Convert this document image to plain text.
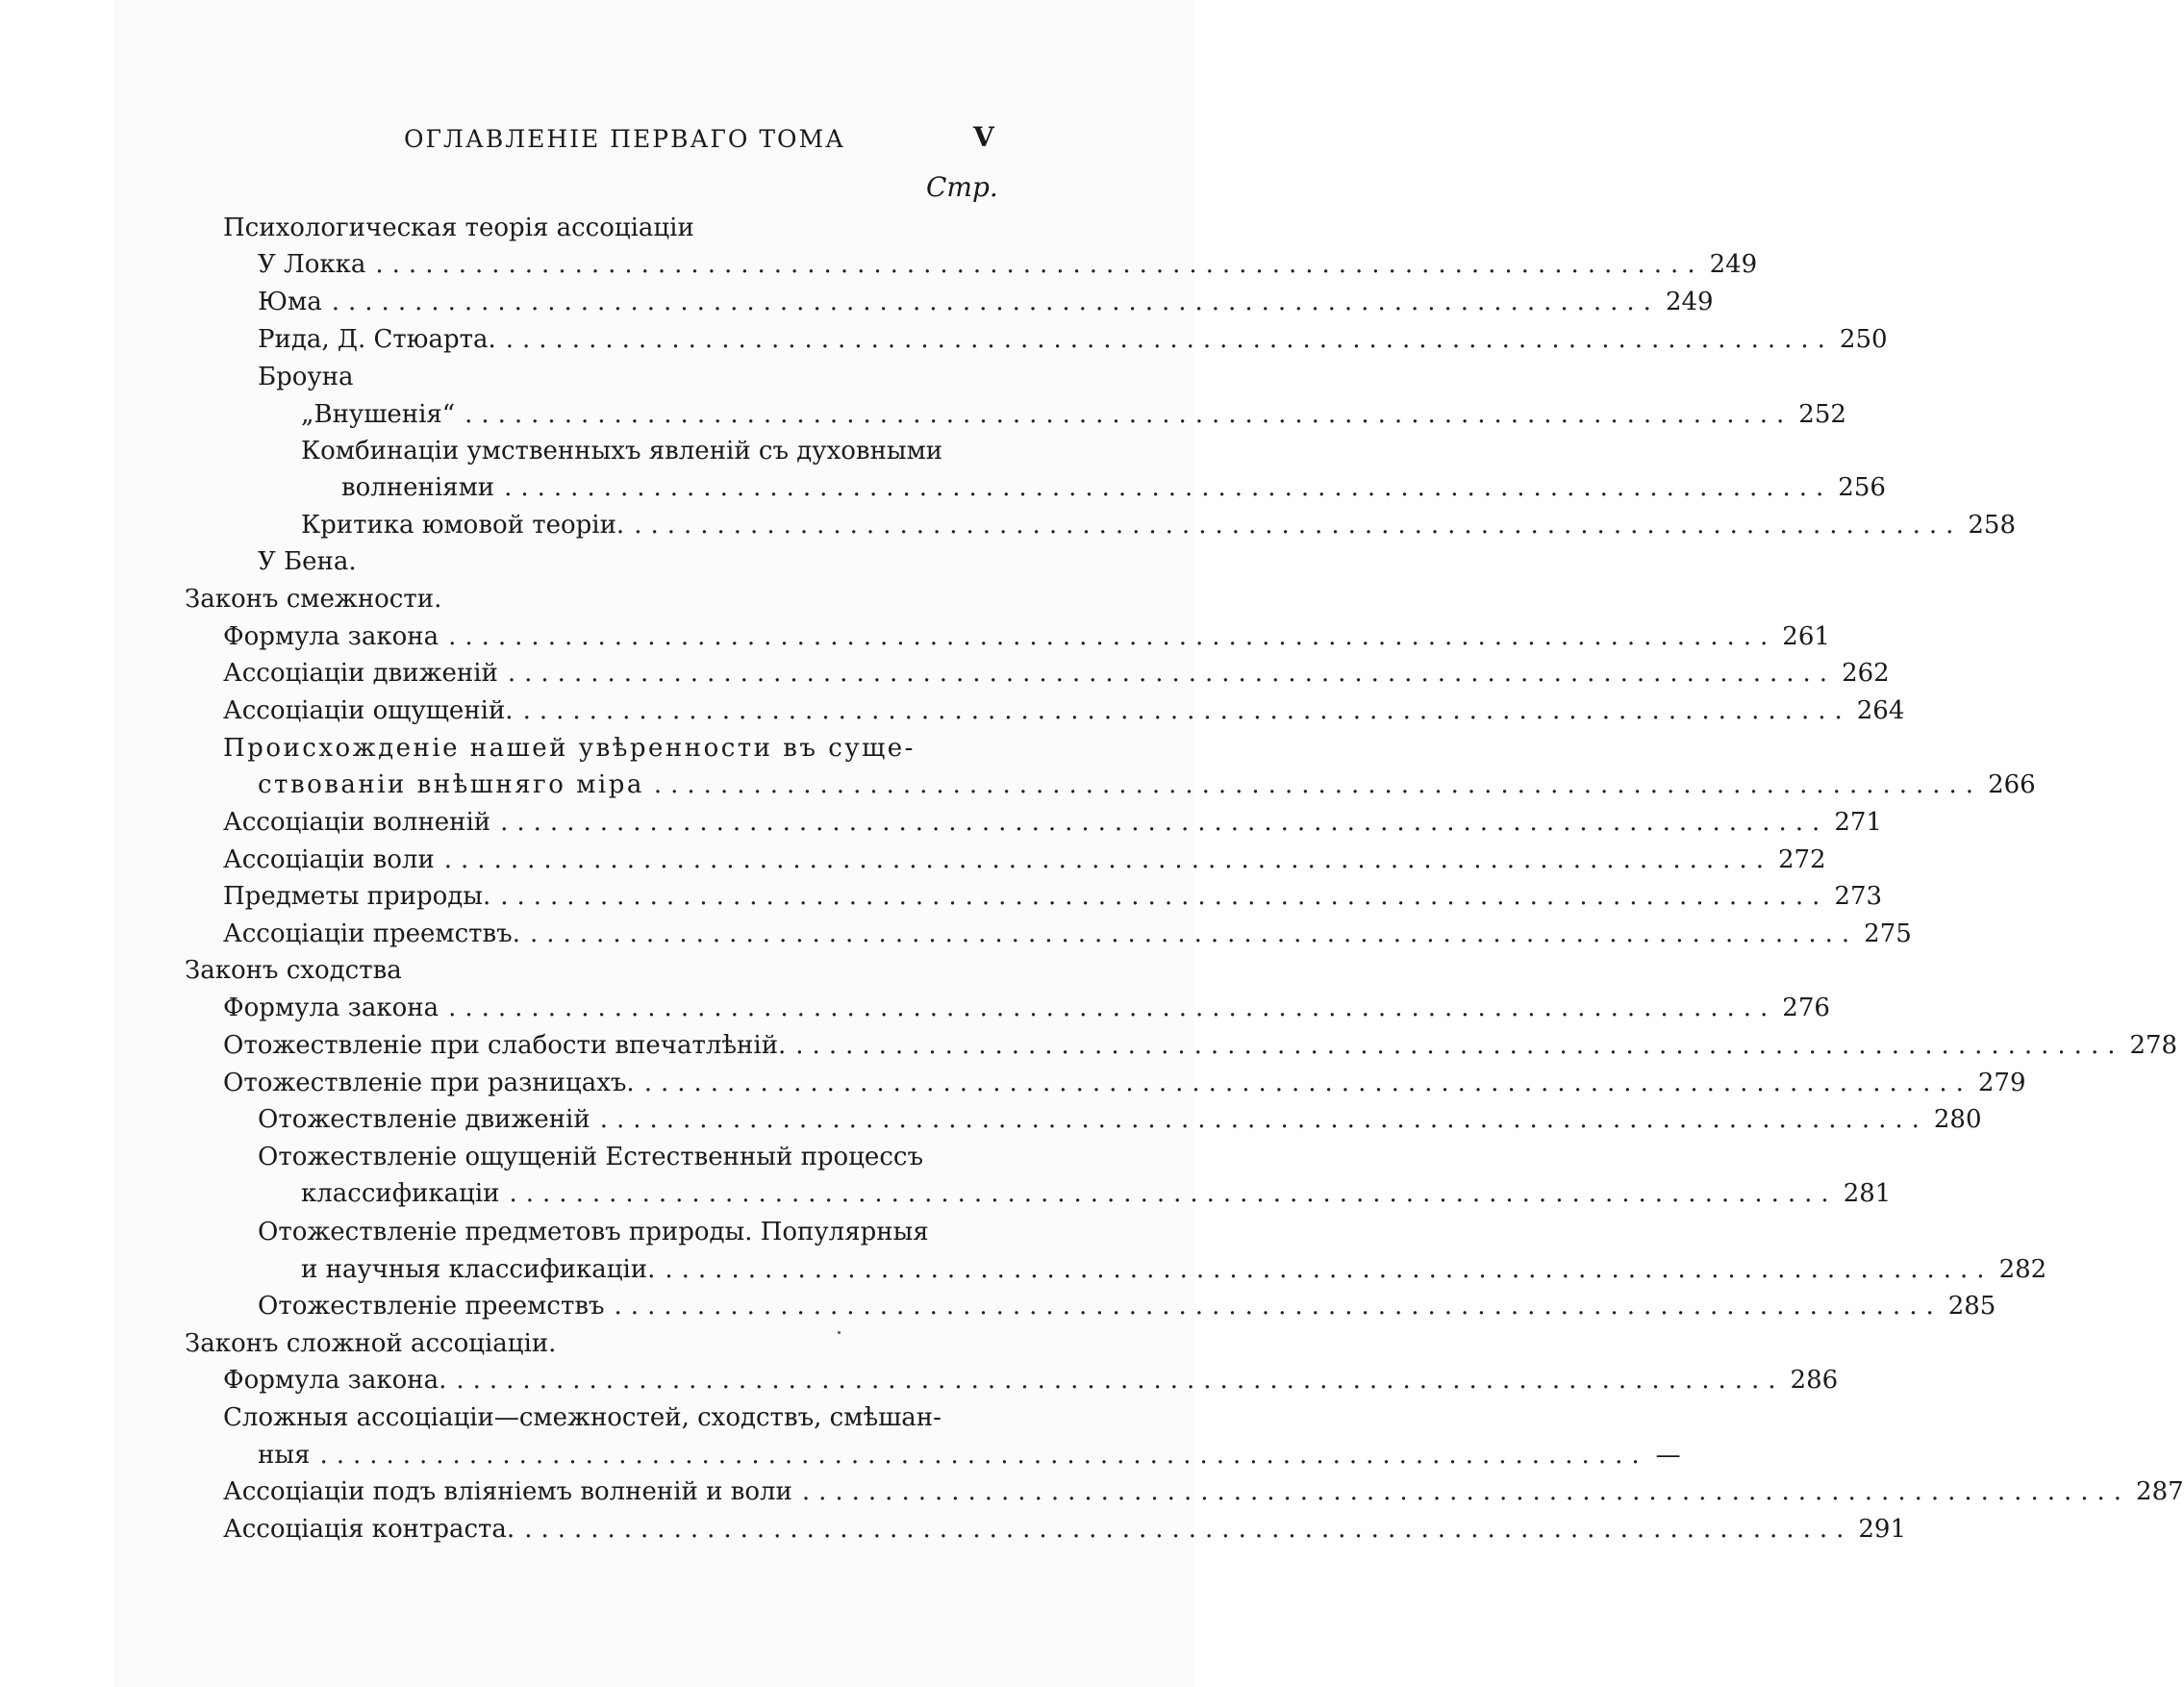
ОГЛАВЛЕНIЕ ПЕРВАГО ТОМА	V
Стр.
Психологическая теорiя ассоцiацiи
У Локка ................................................................................ 249
Юма ................................................................................ 249
Рида, Д. Стюарта. ................................................................................ 250
Броуна
„Внушенiя“ ................................................................................ 252
Комбинацiи умственныхъ явленiй съ духовными
волненiями ................................................................................ 256
Критика юмовой теорiи. ................................................................................ 258
У Бена.
Законъ смежности.
Формула закона ................................................................................ 261
Ассоцiацiи движенiй ................................................................................ 262
Ассоцiацiи ощущенiй. ................................................................................ 264
Происхожденiе нашей увѣренности въ суще-
ствованiи внѣшняго мiра ................................................................................ 266
Ассоцiацiи волненiй ................................................................................ 271
Ассоцiацiи воли ................................................................................ 272
Предметы природы. ................................................................................ 273
Ассоцiацiи преемствъ. ................................................................................ 275
Законъ сходства
Формула закона ................................................................................ 276
Отожествленiе при слабости впечатлѣнiй. ................................................................................ 278
Отожествленiе при разницахъ. ................................................................................ 279
Отожествленiе движенiй ................................................................................ 280
Отожествленiе ощущенiй Естественный процессъ
классификацiи ................................................................................ 281
Отожествленiе предметовъ природы. Популярныя
и научныя классификацiи. ................................................................................ 282
Отожествленiе преемствъ ................................................................................ 285
Законъ сложной ассоцiацiи.
Формула закона. ................................................................................ 286
Сложныя ассоцiацiи—смежностей, сходствъ, смѣшан-
ныя ................................................................................ —
Ассоцiацiи подъ влiянiемъ волненiй и воли ................................................................................ 287
Ассоцiацiя контраста. ................................................................................ 291
